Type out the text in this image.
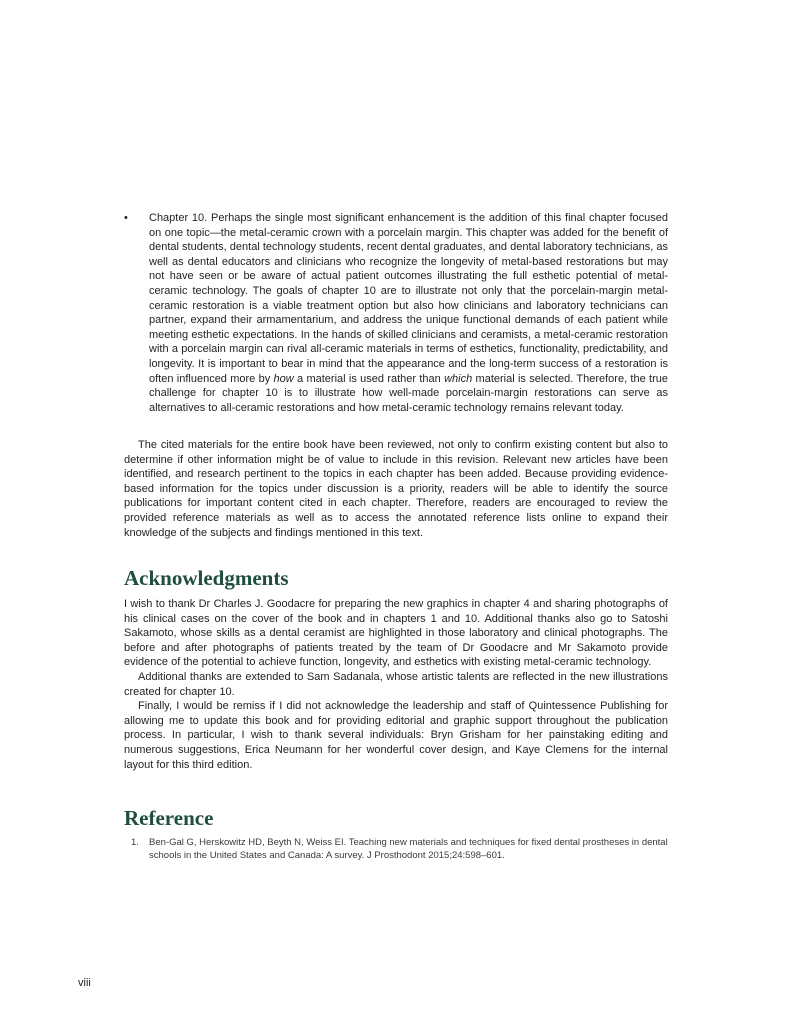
• Chapter 10. Perhaps the single most significant enhancement is the addition of this final chapter focused on one topic—the metal-ceramic crown with a porcelain margin. This chapter was added for the benefit of dental students, dental technology students, recent dental graduates, and dental laboratory technicians, as well as dental educators and clinicians who recognize the longevity of metal-based restorations but may not have seen or be aware of actual patient outcomes illustrating the full esthetic potential of metal-ceramic technology. The goals of chapter 10 are to illustrate not only that the porcelain-margin metal-ceramic restoration is a viable treatment option but also how clinicians and laboratory technicians can partner, expand their armamentarium, and address the unique functional demands of each patient while meeting esthetic expectations. In the hands of skilled clinicians and ceramists, a metal-ceramic restoration with a porcelain margin can rival all-ceramic materials in terms of esthetics, functionality, predictability, and longevity. It is important to bear in mind that the appearance and the long-term success of a restoration is often influenced more by how a material is used rather than which material is selected. Therefore, the true challenge for chapter 10 is to illustrate how well-made porcelain-margin restorations can serve as alternatives to all-ceramic restorations and how metal-ceramic technology remains relevant today.

The cited materials for the entire book have been reviewed, not only to confirm existing content but also to determine if other information might be of value to include in this revision. Relevant new articles have been identified, and research pertinent to the topics in each chapter has been added. Because providing evidence-based information for the topics under discussion is a priority, readers will be able to identify the source publications for important content cited in each chapter. Therefore, readers are encouraged to review the provided reference materials as well as to access the annotated reference lists online to expand their knowledge of the subjects and findings mentioned in this text.

Acknowledgments

I wish to thank Dr Charles J. Goodacre for preparing the new graphics in chapter 4 and sharing photographs of his clinical cases on the cover of the book and in chapters 1 and 10. Additional thanks also go to Satoshi Sakamoto, whose skills as a dental ceramist are highlighted in those laboratory and clinical photographs. The before and after photographs of patients treated by the team of Dr Goodacre and Mr Sakamoto provide evidence of the potential to achieve function, longevity, and esthetics with existing metal-ceramic technology.

Additional thanks are extended to Sam Sadanala, whose artistic talents are reflected in the new illustrations created for chapter 10.

Finally, I would be remiss if I did not acknowledge the leadership and staff of Quintessence Publishing for allowing me to update this book and for providing editorial and graphic support throughout the publication process. In particular, I wish to thank several individuals: Bryn Grisham for her painstaking editing and numerous suggestions, Erica Neumann for her wonderful cover design, and Kaye Clemens for the internal layout for this third edition.

Reference
1. Ben-Gal G, Herskowitz HD, Beyth N, Weiss EI. Teaching new materials and techniques for fixed dental prostheses in dental schools in the United States and Canada: A survey. J Prosthodont 2015;24:598–601.
viii
